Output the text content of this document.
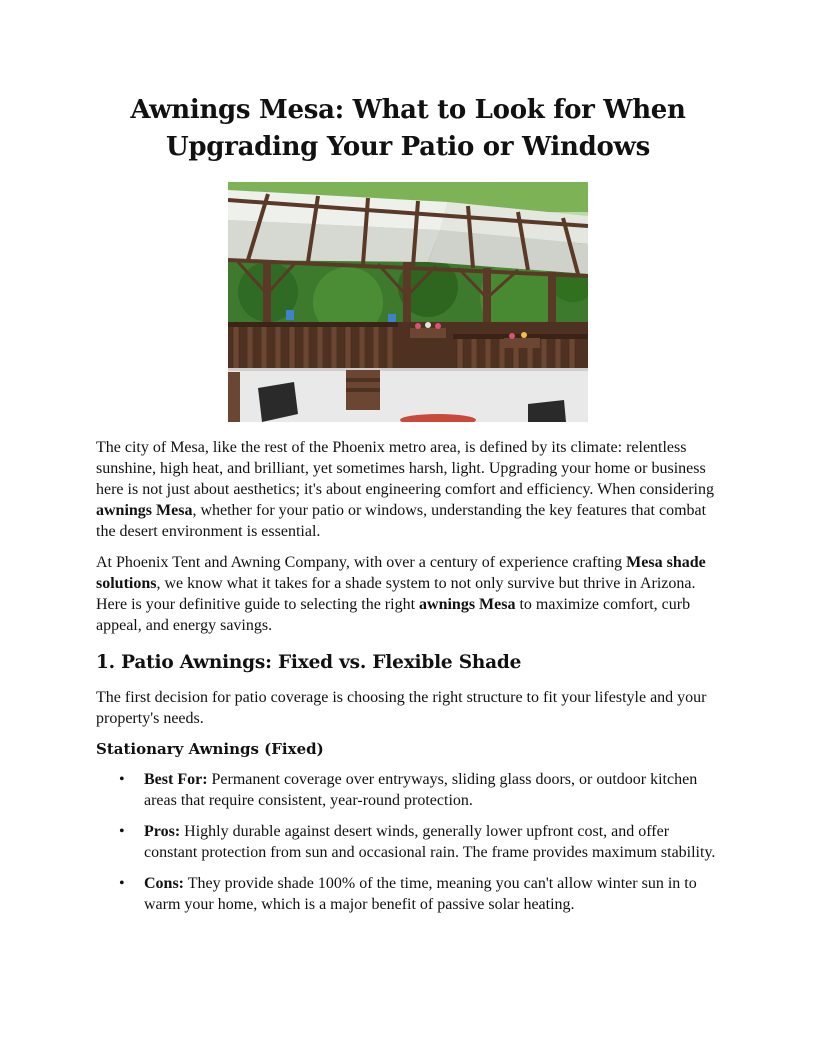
Awnings Mesa: What to Look for When Upgrading Your Patio or Windows

The city of Mesa, like the rest of the Phoenix metro area, is defined by its climate: relentless sunshine, high heat, and brilliant, yet sometimes harsh, light. Upgrading your home or business here is not just about aesthetics; it's about engineering comfort and efficiency. When considering awnings Mesa, whether for your patio or windows, understanding the key features that combat the desert environment is essential.

At Phoenix Tent and Awning Company, with over a century of experience crafting Mesa shade solutions, we know what it takes for a shade system to not only survive but thrive in Arizona. Here is your definitive guide to selecting the right awnings Mesa to maximize comfort, curb appeal, and energy savings.

1. Patio Awnings: Fixed vs. Flexible Shade

The first decision for patio coverage is choosing the right structure to fit your lifestyle and your property's needs.

Stationary Awnings (Fixed)
• Best For: Permanent coverage over entryways, sliding glass doors, or outdoor kitchen areas that require consistent, year-round protection.
• Pros: Highly durable against desert winds, generally lower upfront cost, and offer constant protection from sun and occasional rain. The frame provides maximum stability.
• Cons: They provide shade 100% of the time, meaning you can't allow winter sun in to warm your home, which is a major benefit of passive solar heating.
